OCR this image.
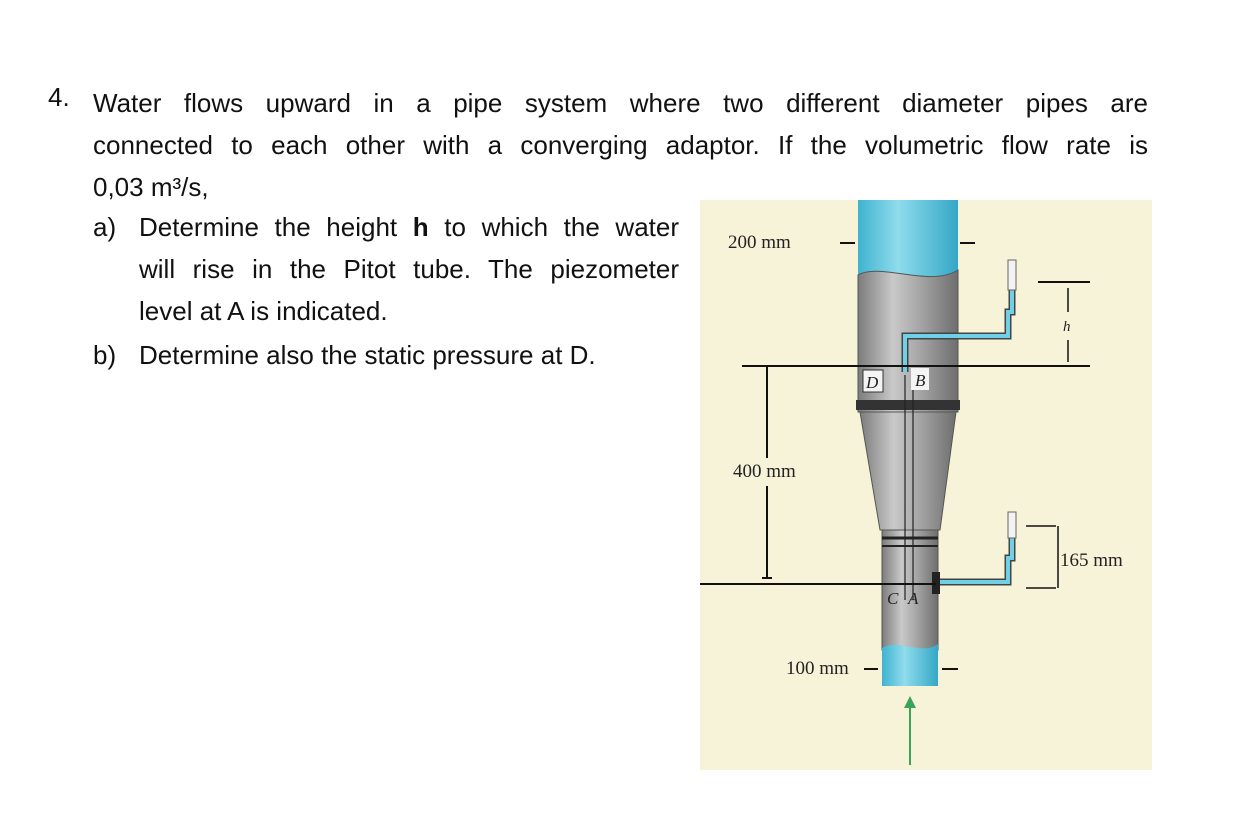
4. Water flows upward in a pipe system where two different diameter pipes are
connected to each other with a converging adaptor. If the volumetric flow rate is
0,03 m³/s,
a) Determine the height h to which the water
will rise in the Pitot tube. The piezometer
level at A is indicated.
b) Determine also the static pressure at D.
200 mm
400 mm
h
165 mm
100 mm
D B
C A
